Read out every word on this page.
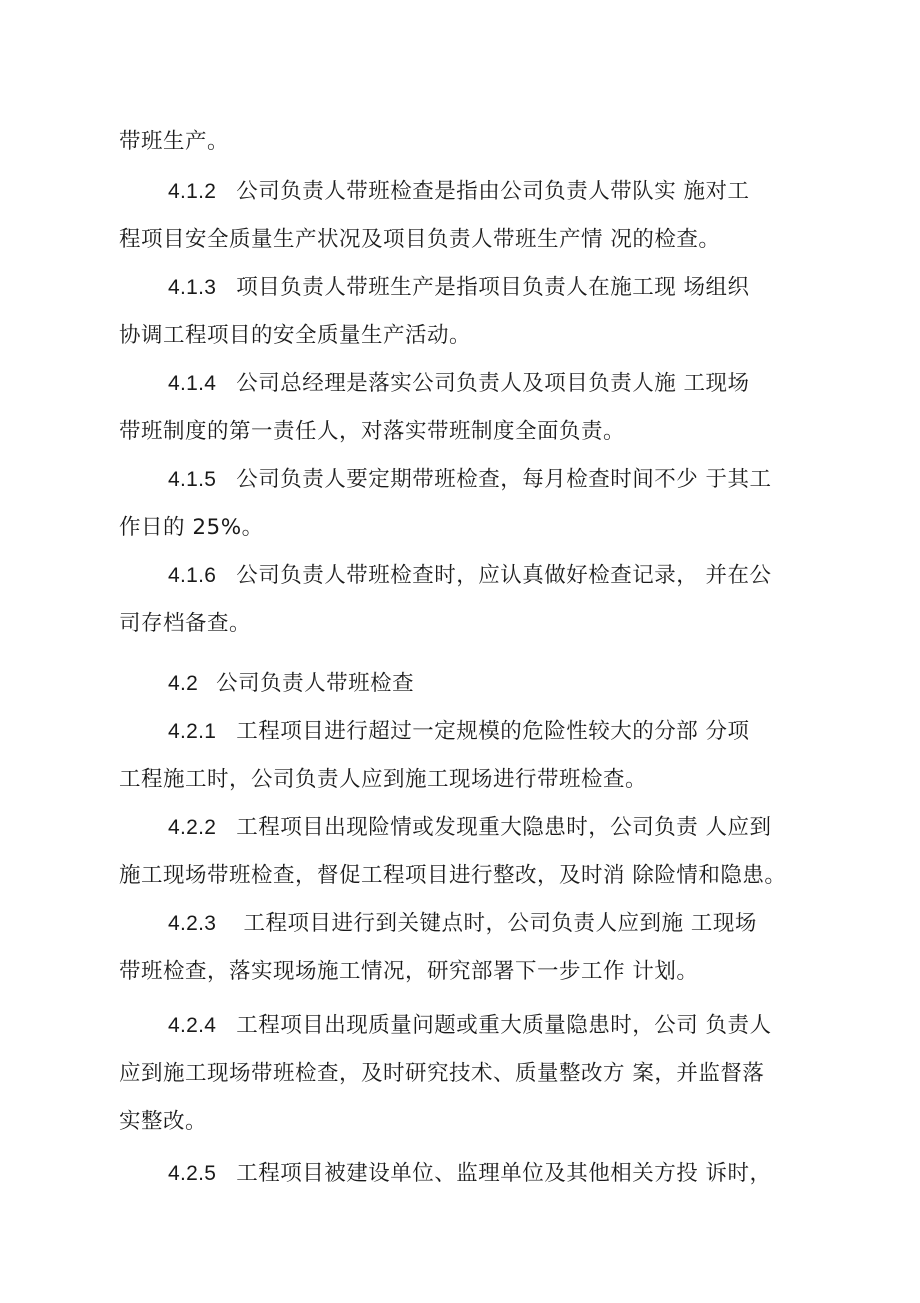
带班生产。
4.1.2 公司负责人带班检查是指由公司负责人带队实 施对工
程项目安全质量生产状况及项目负责人带班生产情 况的检查。
4.1.3 项目负责人带班生产是指项目负责人在施工现 场组织
协调工程项目的安全质量生产活动。
4.1.4 公司总经理是落实公司负责人及项目负责人施 工现场
带班制度的第一责任人，对落实带班制度全面负责。
4.1.5 公司负责人要定期带班检查，每月检查时间不少 于其工
作日的 25%。
4.1.6 公司负责人带班检查时，应认真做好检查记录， 并在公
司存档备查。
4.2 公司负责人带班检查
4.2.1 工程项目进行超过一定规模的危险性较大的分部 分项
工程施工时，公司负责人应到施工现场进行带班检查。
4.2.2 工程项目出现险情或发现重大隐患时，公司负责 人应到
施工现场带班检查，督促工程项目进行整改，及时消 除险情和隐患。
4.2.3 工程项目进行到关键点时，公司负责人应到施 工现场
带班检查，落实现场施工情况，研究部署下一步工作 计划。
4.2.4 工程项目出现质量问题或重大质量隐患时，公司 负责人
应到施工现场带班检查，及时研究技术、质量整改方 案，并监督落
实整改。
4.2.5 工程项目被建设单位、监理单位及其他相关方投 诉时，
